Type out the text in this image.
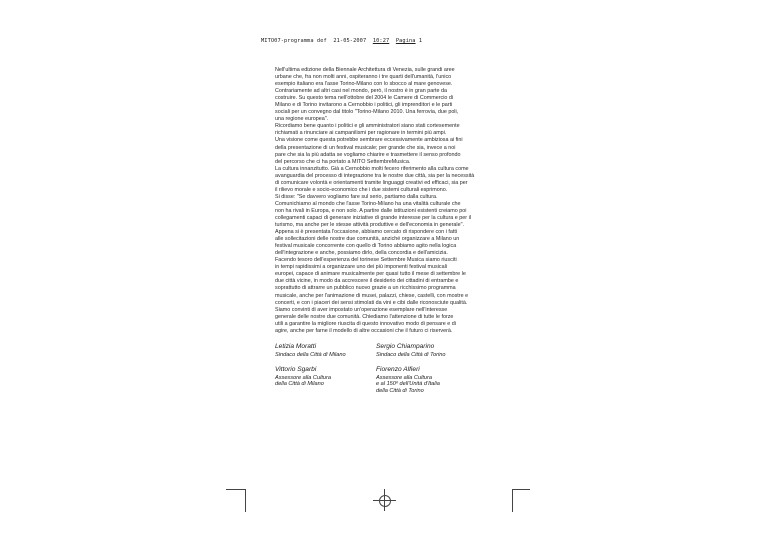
MITO07-programma def 21-05-2007 10:27 Pagina 1
Nell'ultima edizione della Biennale Architettura di Venezia, sulle grandi aree
urbane che, fra non molti anni, ospiteranno i tre quarti dell'umanità, l'unico
esempio italiano era l'asse Torino-Milano con lo sbocco al mare genovese.
Contrariamente ad altri casi nel mondo, però, il nostro è in gran parte da
costruire. Su questo tema nell'ottobre del 2004 le Camere di Commercio di
Milano e di Torino invitarono a Cernobbio i politici, gli imprenditori e le parti
sociali per un convegno dal titolo "Torino-Milano 2010. Una ferrovia, due poli,
una regione europea".
Ricordiamo bene quanto i politici e gli amministratori siano stati cortesemente
richiamati a rinunciare ai campanilismi per ragionare in termini più ampi.
Una visione come questa potrebbe sembrare eccessivamente ambiziosa ai fini
della presentazione di un festival musicale; per grande che sia, invece a noi
pare che sia la più adatta se vogliamo chiarire e trasmettere il senso profondo
del percorso che ci ha portato a MITO SettembreMusica.
La cultura innanzitutto. Già a Cernobbio molti fecero riferimento alla cultura come
avanguardia del processo di integrazione tra le nostre due città, sia per la necessità
di comunicare volontà e orientamenti tramite linguaggi creativi ed efficaci, sia per
il rilievo morale e socio-economico che i due sistemi culturali esprimono.
Si disse: "Se davvero vogliamo fare sul serio, partiamo dalla cultura.
Comunichiamo al mondo che l'asse Torino-Milano ha una vitalità culturale che
non ha rivali in Europa, e non solo. A partire dalle istituzioni esistenti creiamo poi
collegamenti capaci di generare iniziative di grande interesse per la cultura e per il
turismo, ma anche per le stesse attività produttive e dell'economia in generale".
Appena si è presentata l'occasione, abbiamo cercato di rispondere con i fatti
alle sollecitazioni delle nostre due comunità, anziché organizzare a Milano un
festival musicale concorrente con quello di Torino abbiamo agito nella logica
dell'integrazione e anche, possiamo dirlo, della concordia e dell'amicizia.
Facendo tesoro dell'esperienza del torinese Settembre Musica siamo riusciti
in tempi rapidissimi a organizzare uno dei più imponenti festival musicali
europei, capace di animare musicalmente per quasi tutto il mese di settembre le
due città vicine, in modo da accrescere il desiderio dei cittadini di entrambe e
soprattutto di attrarre un pubblico nuovo grazie a un ricchissimo programma
musicale, anche per l'animazione di musei, palazzi, chiese, castelli, con mostre e
concerti, e con i piaceri dei sensi stimolati da vini e cibi dalle riconosciute qualità.
Siamo convinti di aver impostato un'operazione esemplare nell'interesse
generale delle nostre due comunità. Chiediamo l'attenzione di tutte le forze
utili a garantire la migliore riuscita di questo innovativo modo di pensare e di
agire, anche per farne il modello di altre occasioni che il futuro ci riserverà.
Letizia Moratti
Sindaco della Città di Milano
Sergio Chiamparino
Sindaco della Città di Torino
Vittorio Sgarbi
Assessore alla Cultura
della Città di Milano
Fiorenzo Alfieri
Assessore alla Cultura
e al 150º dell'Unità d'Italia
della Città di Torino
